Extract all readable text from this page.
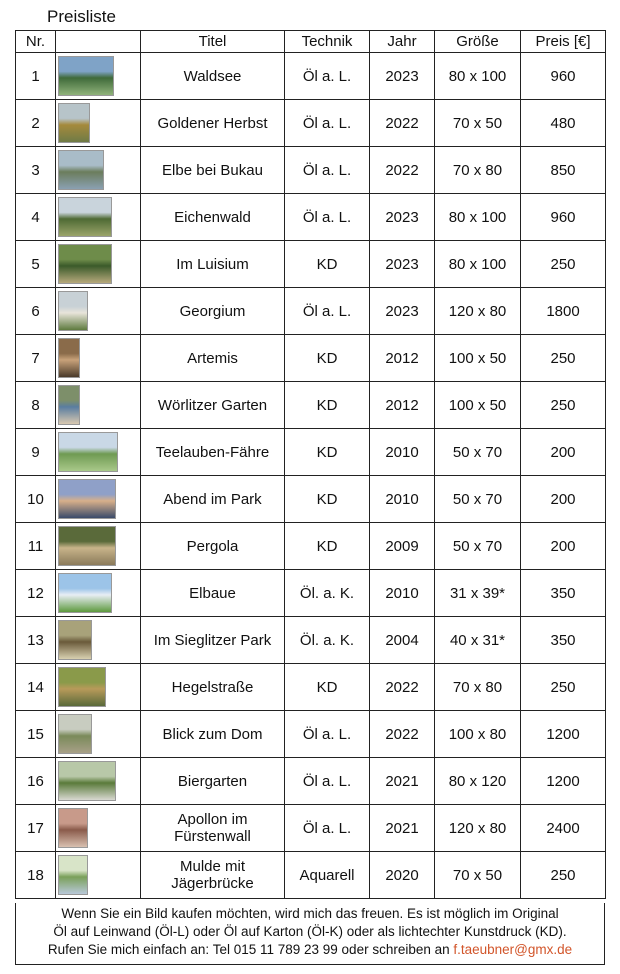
Preisliste
Nr.		Titel	Technik	Jahr	Größe	Preis [€]
1		Waldsee	Öl a. L.	2023	80 x 100	960
2		Goldener Herbst	Öl a. L.	2022	70 x 50	480
3		Elbe bei Bukau	Öl a. L.	2022	70 x 80	850
4		Eichenwald	Öl a. L.	2023	80 x 100	960
5		Im Luisium	KD	2023	80 x 100	250
6		Georgium	Öl a. L.	2023	120 x 80	1800
7		Artemis	KD	2012	100 x 50	250
8		Wörlitzer Garten	KD	2012	100 x 50	250
9		Teelauben-Fähre	KD	2010	50 x 70	200
10		Abend im Park	KD	2010	50 x 70	200
11		Pergola	KD	2009	50 x 70	200
12		Elbaue	Öl. a. K.	2010	31 x 39*	350
13		Im Sieglitzer Park	Öl. a. K.	2004	40 x 31*	350
14		Hegelstraße	KD	2022	70 x 80	250
15		Blick zum Dom	Öl a. L.	2022	100 x 80	1200
16		Biergarten	Öl a. L.	2021	80 x 120	1200
17		Apollon im Fürstenwall	Öl a. L.	2021	120 x 80	2400
18		Mulde mit Jägerbrücke	Aquarell	2020	70 x 50	250
Wenn Sie ein Bild kaufen möchten, wird mich das freuen. Es ist möglich im Original
Öl auf Leinwand (Öl-L) oder Öl auf Karton (Öl-K) oder als lichtechter Kunstdruck (KD).
Rufen Sie mich einfach an: Tel 015 11 789 23 99 oder schreiben an f.taeubner@gmx.de
